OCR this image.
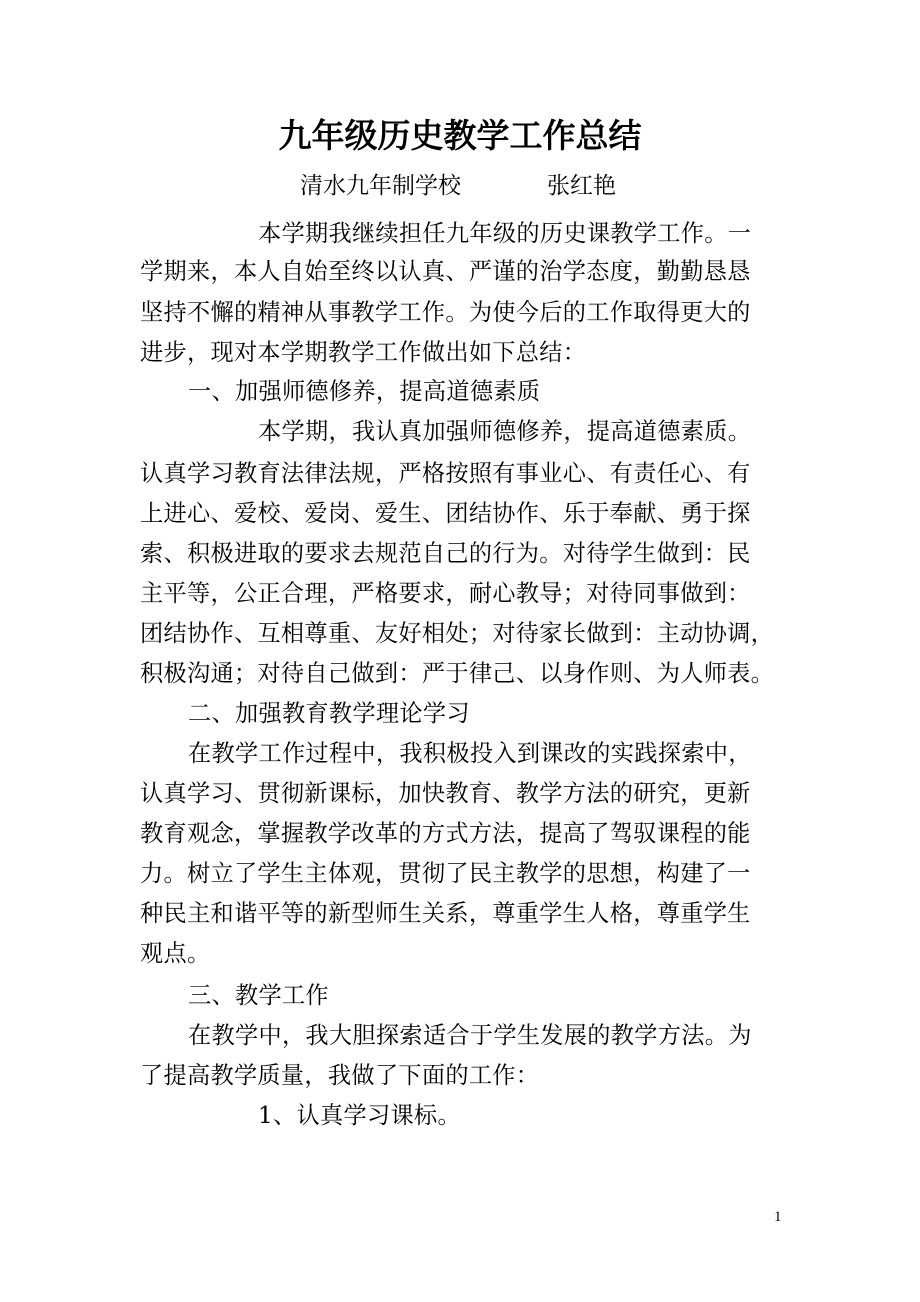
九年级历史教学工作总结
清水九年制学校	张红艳
本学期我继续担任九年级的历史课教学工作。一
学期来，本人自始至终以认真、严谨的治学态度，勤勤恳恳
坚持不懈的精神从事教学工作。为使今后的工作取得更大的
进步，现对本学期教学工作做出如下总结：
一、加强师德修养，提高道德素质
本学期，我认真加强师德修养，提高道德素质。
认真学习教育法律法规，严格按照有事业心、有责任心、有
上进心、爱校、爱岗、爱生、团结协作、乐于奉献、勇于探
索、积极进取的要求去规范自己的行为。对待学生做到：民
主平等，公正合理，严格要求，耐心教导；对待同事做到：
团结协作、互相尊重、友好相处；对待家长做到：主动协调，
积极沟通；对待自己做到：严于律己、以身作则、为人师表。
二、加强教育教学理论学习
在教学工作过程中，我积极投入到课改的实践探索中，
认真学习、贯彻新课标，加快教育、教学方法的研究，更新
教育观念，掌握教学改革的方式方法，提高了驾驭课程的能
力。树立了学生主体观，贯彻了民主教学的思想，构建了一
种民主和谐平等的新型师生关系，尊重学生人格，尊重学生
观点。
三、教学工作
在教学中，我大胆探索适合于学生发展的教学方法。为
了提高教学质量，我做了下面的工作：
1、认真学习课标。
1
